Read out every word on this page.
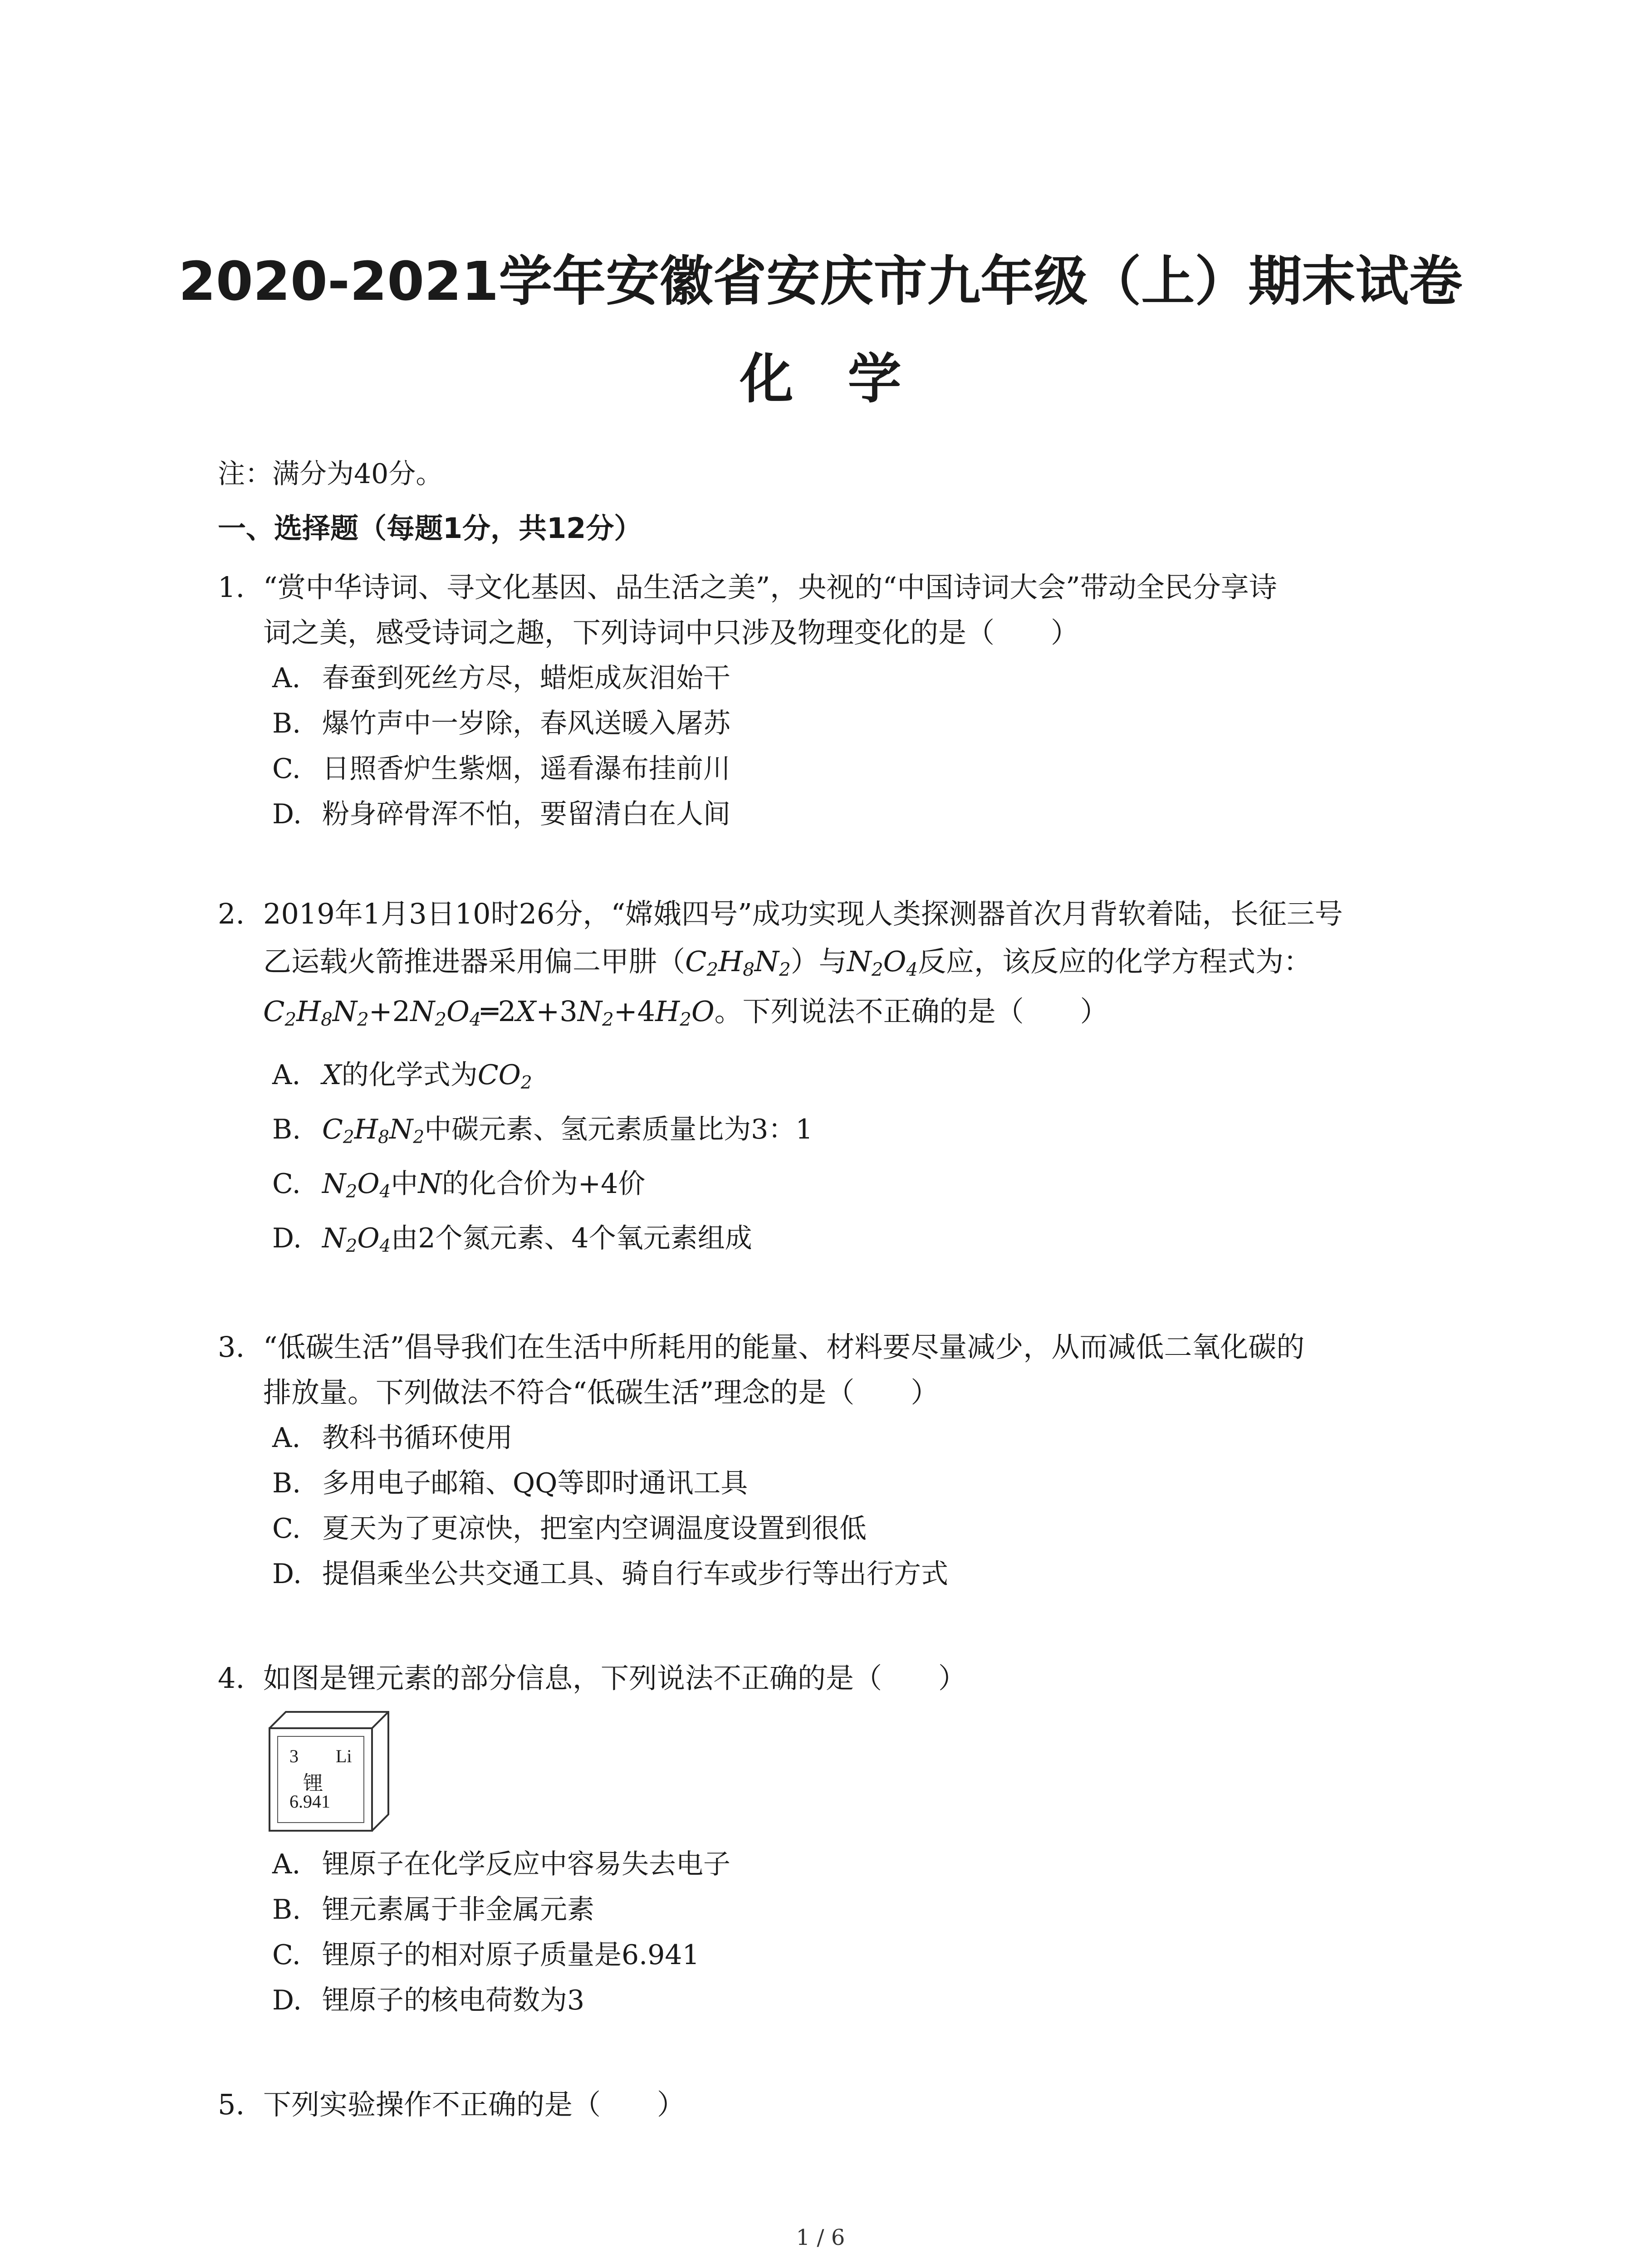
2020-2021学年安徽省安庆市九年级（上）期末试卷
化学
注：满分为40分。
一、选择题（每题1分，共12分）
1. “赏中华诗词、寻文化基因、品生活之美”，央视的“中国诗词大会”带动全民分享诗
词之美，感受诗词之趣，下列诗词中只涉及物理变化的是（　　）
A. 春蚕到死丝方尽，蜡炬成灰泪始干
B. 爆竹声中一岁除，春风送暖入屠苏
C. 日照香炉生紫烟，遥看瀑布挂前川
D. 粉身碎骨浑不怕，要留清白在人间
2. 2019年1月3日10时26分，“嫦娥四号”成功实现人类探测器首次月背软着陆，长征三号
乙运载火箭推进器采用偏二甲肼$(C_2H_8N_2)$与$N_2O_4$反应，该反应的化学方程式为：
$C_2H_8N_2+2N_2O_4═2X+3N_2+4H_2O$。下列说法不正确的是（　　）
A. X的化学式为$CO_2$
B. $C_2H_8N_2$中碳元素、氢元素质量比为3：1
C. $N_2O_4$中N的化合价为+4价
D. $N_2O_4$由2个氮元素、4个氧元素组成
3. “低碳生活”倡导我们在生活中所耗用的能量、材料要尽量减少，从而减低二氧化碳的
排放量。下列做法不符合“低碳生活”理念的是（　　）
A. 教科书循环使用
B. 多用电子邮箱、QQ等即时通讯工具
C. 夏天为了更凉快，把室内空调温度设置到很低
D. 提倡乘坐公共交通工具、骑自行车或步行等出行方式
4. 如图是锂元素的部分信息，下列说法不正确的是（　　）
3 Li
锂
6.941
A. 锂原子在化学反应中容易失去电子
B. 锂元素属于非金属元素
C. 锂原子的相对原子质量是6.941
D. 锂原子的核电荷数为3
5. 下列实验操作不正确的是（　　）
1 / 6
